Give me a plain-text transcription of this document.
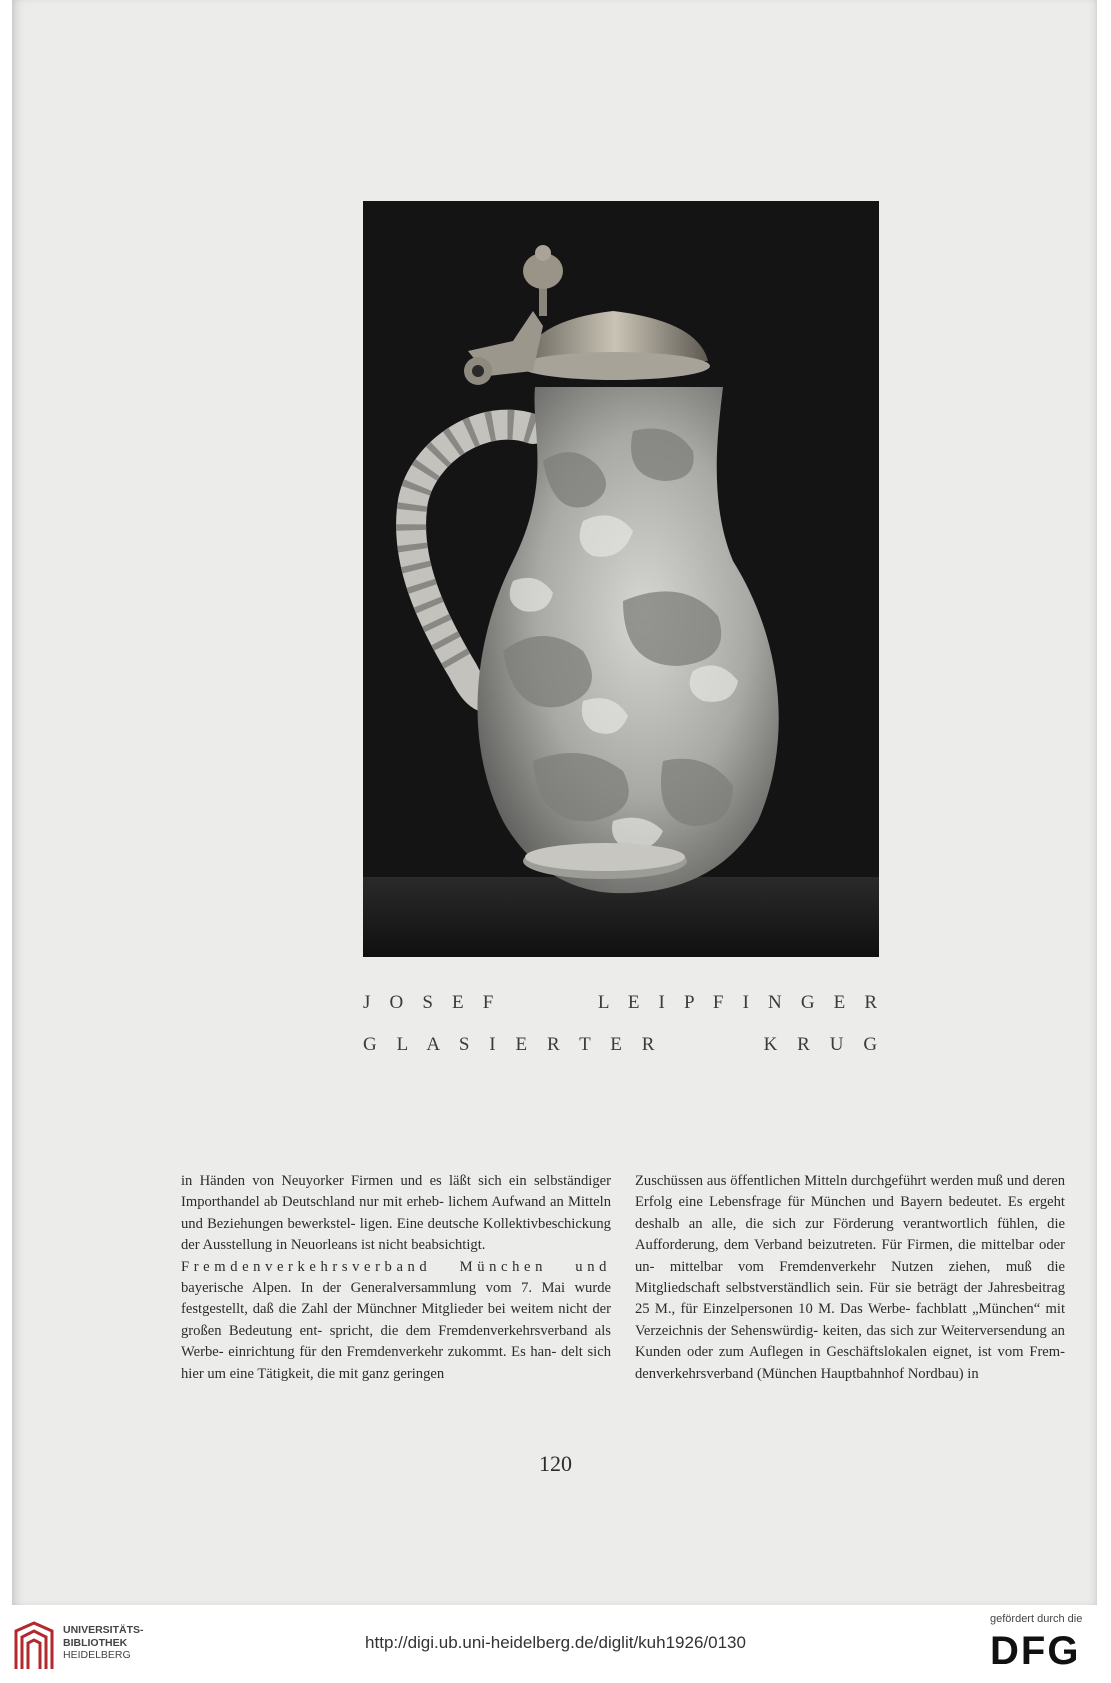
J O S E F	L E I P F I N G E R
G L A S I E R T E R	K R U G
in Händen von Neuyorker Firmen und es läßt sich ein selbständiger Importhandel ab Deutschland nur mit erheb- lichem Aufwand an Mitteln und Beziehungen bewerkstel- ligen. Eine deutsche Kollektivbeschickung der Ausstellung in Neuorleans ist nicht beabsichtigt.
Fremdenverkehrsverband München und bayerische Alpen. In der Generalversammlung vom 7. Mai wurde festgestellt, daß die Zahl der Münchner Mitglieder bei weitem nicht der großen Bedeutung ent- spricht, die dem Fremdenverkehrsverband als Werbe- einrichtung für den Fremdenverkehr zukommt. Es han- delt sich hier um eine Tätigkeit, die mit ganz geringen
Zuschüssen aus öffentlichen Mitteln durchgeführt werden muß und deren Erfolg eine Lebensfrage für München und Bayern bedeutet. Es ergeht deshalb an alle, die sich zur Förderung verantwortlich fühlen, die Aufforderung, dem Verband beizutreten. Für Firmen, die mittelbar oder un- mittelbar vom Fremdenverkehr Nutzen ziehen, muß die Mitgliedschaft selbstverständlich sein. Für sie beträgt der Jahresbeitrag 25 M., für Einzelpersonen 10 M. Das Werbe- fachblatt „München“ mit Verzeichnis der Sehenswürdig- keiten, das sich zur Weiterversendung an Kunden oder zum Auflegen in Geschäftslokalen eignet, ist vom Frem- denverkehrsverband (München Hauptbahnhof Nordbau) in
120
UNIVERSITÄTS-
BIBLIOTHEK
HEIDELBERG
http://digi.ub.uni-heidelberg.de/diglit/kuh1926/0130
gefördert durch die
DFG
